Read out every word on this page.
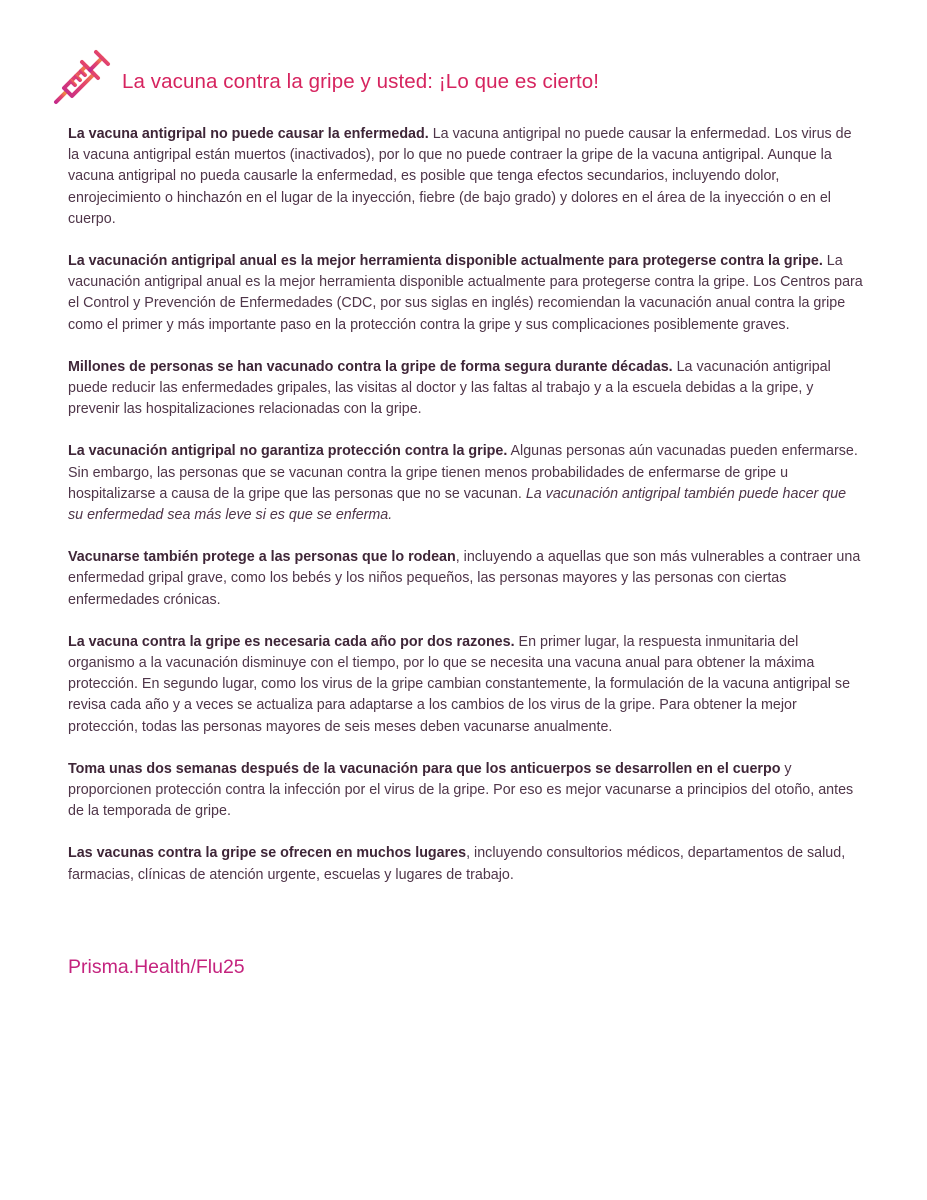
La vacuna contra la gripe y usted: ¡Lo que es cierto!

La vacuna antigripal no puede causar la enfermedad. La vacuna antigripal no puede causar la enfermedad. Los virus de la vacuna antigripal están muertos (inactivados), por lo que no puede contraer la gripe de la vacuna antigripal. Aunque la vacuna antigripal no pueda causarle la enfermedad, es posible que tenga efectos secundarios, incluyendo dolor, enrojecimiento o hinchazón en el lugar de la inyección, fiebre (de bajo grado) y dolores en el área de la inyección o en el cuerpo.

La vacunación antigripal anual es la mejor herramienta disponible actualmente para protegerse contra la gripe. La vacunación antigripal anual es la mejor herramienta disponible actualmente para protegerse contra la gripe. Los Centros para el Control y Prevención de Enfermedades (CDC, por sus siglas en inglés) recomiendan la vacunación anual contra la gripe como el primer y más importante paso en la protección contra la gripe y sus complicaciones posiblemente graves.

Millones de personas se han vacunado contra la gripe de forma segura durante décadas. La vacunación antigripal puede reducir las enfermedades gripales, las visitas al doctor y las faltas al trabajo y a la escuela debidas a la gripe, y prevenir las hospitalizaciones relacionadas con la gripe.

La vacunación antigripal no garantiza protección contra la gripe. Algunas personas aún vacunadas pueden enfermarse. Sin embargo, las personas que se vacunan contra la gripe tienen menos probabilidades de enfermarse de gripe u hospitalizarse a causa de la gripe que las personas que no se vacunan. La vacunación antigripal también puede hacer que su enfermedad sea más leve si es que se enferma.

Vacunarse también protege a las personas que lo rodean, incluyendo a aquellas que son más vulnerables a contraer una enfermedad gripal grave, como los bebés y los niños pequeños, las personas mayores y las personas con ciertas enfermedades crónicas.

La vacuna contra la gripe es necesaria cada año por dos razones. En primer lugar, la respuesta inmunitaria del organismo a la vacunación disminuye con el tiempo, por lo que se necesita una vacuna anual para obtener la máxima protección. En segundo lugar, como los virus de la gripe cambian constantemente, la formulación de la vacuna antigripal se revisa cada año y a veces se actualiza para adaptarse a los cambios de los virus de la gripe. Para obtener la mejor protección, todas las personas mayores de seis meses deben vacunarse anualmente.

Toma unas dos semanas después de la vacunación para que los anticuerpos se desarrollen en el cuerpo y proporcionen protección contra la infección por el virus de la gripe. Por eso es mejor vacunarse a principios del otoño, antes de la temporada de gripe.

Las vacunas contra la gripe se ofrecen en muchos lugares, incluyendo consultorios médicos, departamentos de salud, farmacias, clínicas de atención urgente, escuelas y lugares de trabajo.

Prisma.Health/Flu25
